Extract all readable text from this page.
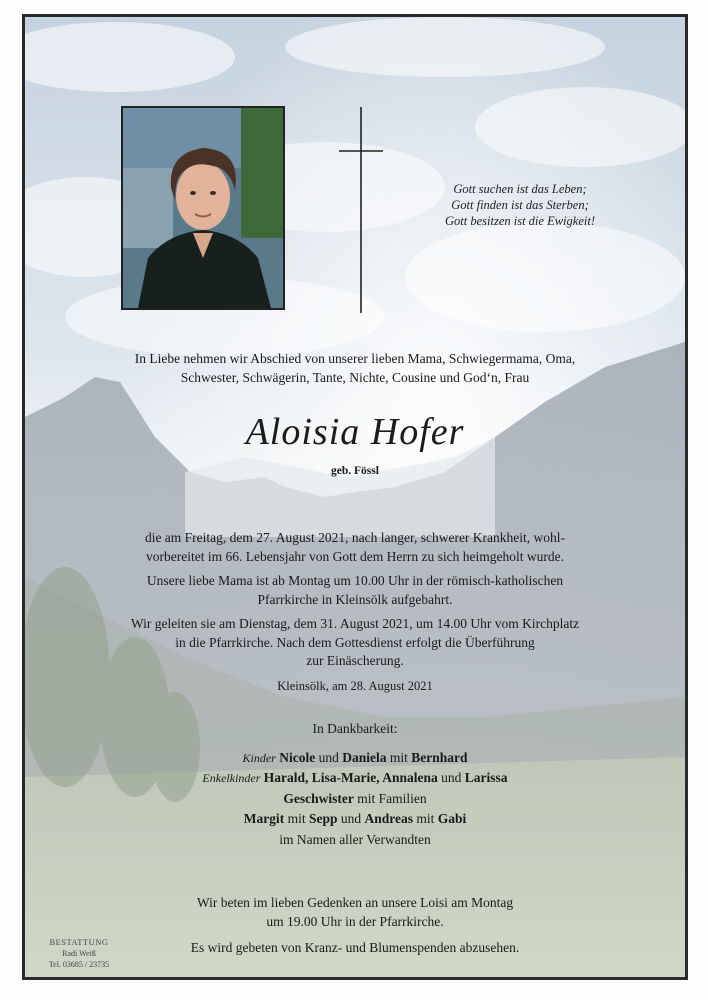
Gott suchen ist das Leben;
Gott finden ist das Sterben;
Gott besitzen ist die Ewigkeit!
In Liebe nehmen wir Abschied von unserer lieben Mama, Schwiegermama, Oma,
Schwester, Schwägerin, Tante, Nichte, Cousine und God‘n, Frau
Aloisia Hofer
geb. Fössl

die am Freitag, dem 27. August 2021, nach langer, schwerer Krankheit, wohl-
vorbereitet im 66. Lebensjahr von Gott dem Herrn zu sich heimgeholt wurde.

Unsere liebe Mama ist ab Montag um 10.00 Uhr in der römisch-katholischen
Pfarrkirche in Kleinsölk aufgebahrt.

Wir geleiten sie am Dienstag, dem 31. August 2021, um 14.00 Uhr vom Kirchplatz
in die Pfarrkirche. Nach dem Gottesdienst erfolgt die Überführung
zur Einäscherung.

Kleinsölk, am 28. August 2021

In Dankbarkeit:
Kinder Nicole und Daniela mit Bernhard
Enkelkinder Harald, Lisa-Marie, Annalena und Larissa
Geschwister mit Familien
Margit mit Sepp und Andreas mit Gabi
im Namen aller Verwandten

Wir beten im lieben Gedenken an unsere Loisi am Montag
um 19.00 Uhr in der Pfarrkirche.

Es wird gebeten von Kranz- und Blumenspenden abzusehen.

BESTATTUNG
Radi Weiß
Tel. 03685 / 23735
